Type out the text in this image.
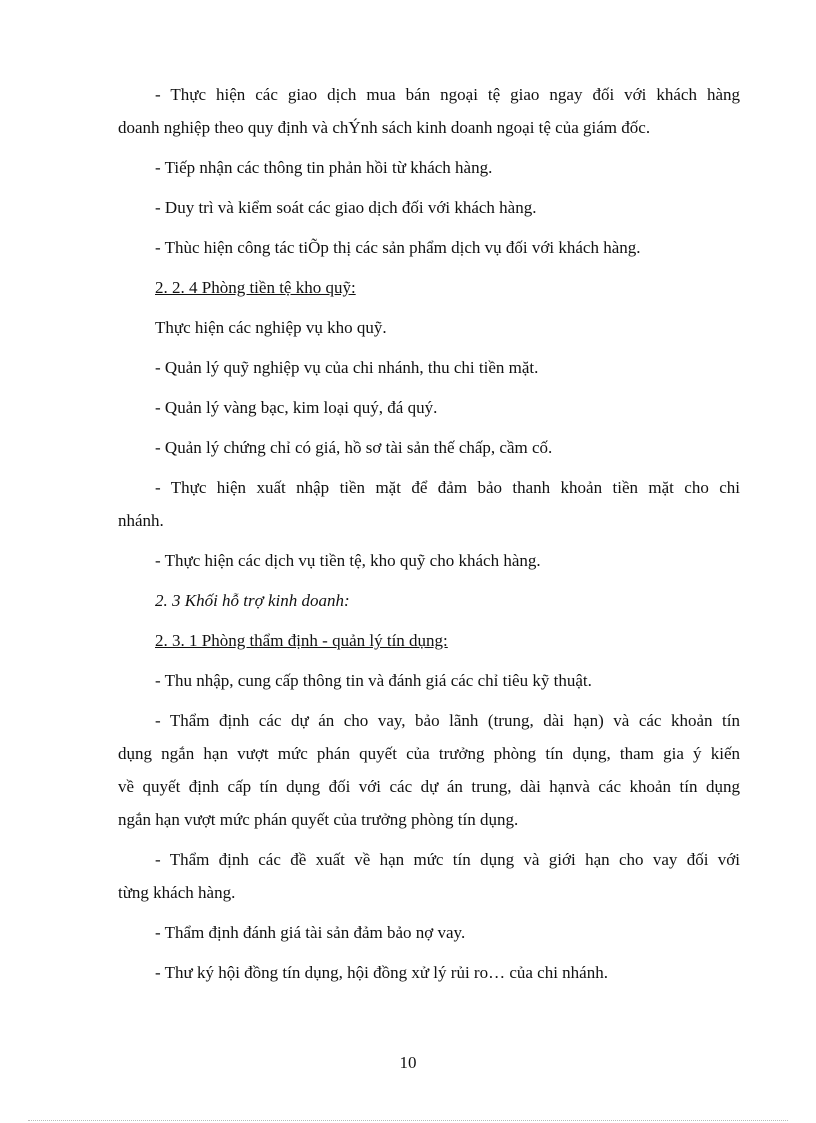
- Thực hiện các giao dịch mua bán ngoại tệ giao ngay đối với khách hàng

doanh nghiệp theo quy định và chÝnh sách kinh doanh ngoại tệ của giám đốc.

- Tiếp nhận các thông tin phản hồi từ khách hàng.

- Duy trì và kiểm soát các giao dịch đối với khách hàng.

- Thùc hiện công tác tiÕp thị các sản phẩm dịch vụ đối với khách hàng.

2. 2. 4 Phòng tiền tệ kho quỹ:

Thực hiện các nghiệp vụ kho quỹ.

- Quản lý quỹ nghiệp vụ của chi nhánh, thu chi tiền mặt.

- Quản lý vàng bạc, kim loại quý, đá quý.

- Quản lý chứng chỉ có giá, hồ sơ tài sản thế chấp, cầm cố.

- Thực hiện xuất nhập tiền mặt để đảm bảo thanh khoản tiền mặt cho chi

nhánh.

- Thực hiện các dịch vụ tiền tệ, kho quỹ cho khách hàng.

2. 3 Khối hỗ trợ kinh doanh:

2. 3. 1 Phòng thẩm định - quản lý tín dụng:

- Thu nhập, cung cấp thông tin và đánh giá các chỉ tiêu kỹ thuật.

- Thẩm định các dự án cho vay, bảo lãnh (trung, dài hạn) và các khoản tín

dụng ngắn hạn vượt mức phán quyết của trưởng phòng tín dụng, tham gia ý kiến

về quyết định cấp tín dụng đối với các dự án trung, dài hạnvà các khoản tín dụng

ngắn hạn vượt mức phán quyết của trưởng phòng tín dụng.

- Thẩm định các đề xuất về hạn mức tín dụng và giới hạn cho vay đối với

từng khách hàng.

- Thẩm định đánh giá tài sản đảm bảo nợ vay.

- Thư ký hội đồng tín dụng, hội đồng xử lý rủi ro… của chi nhánh.

10
